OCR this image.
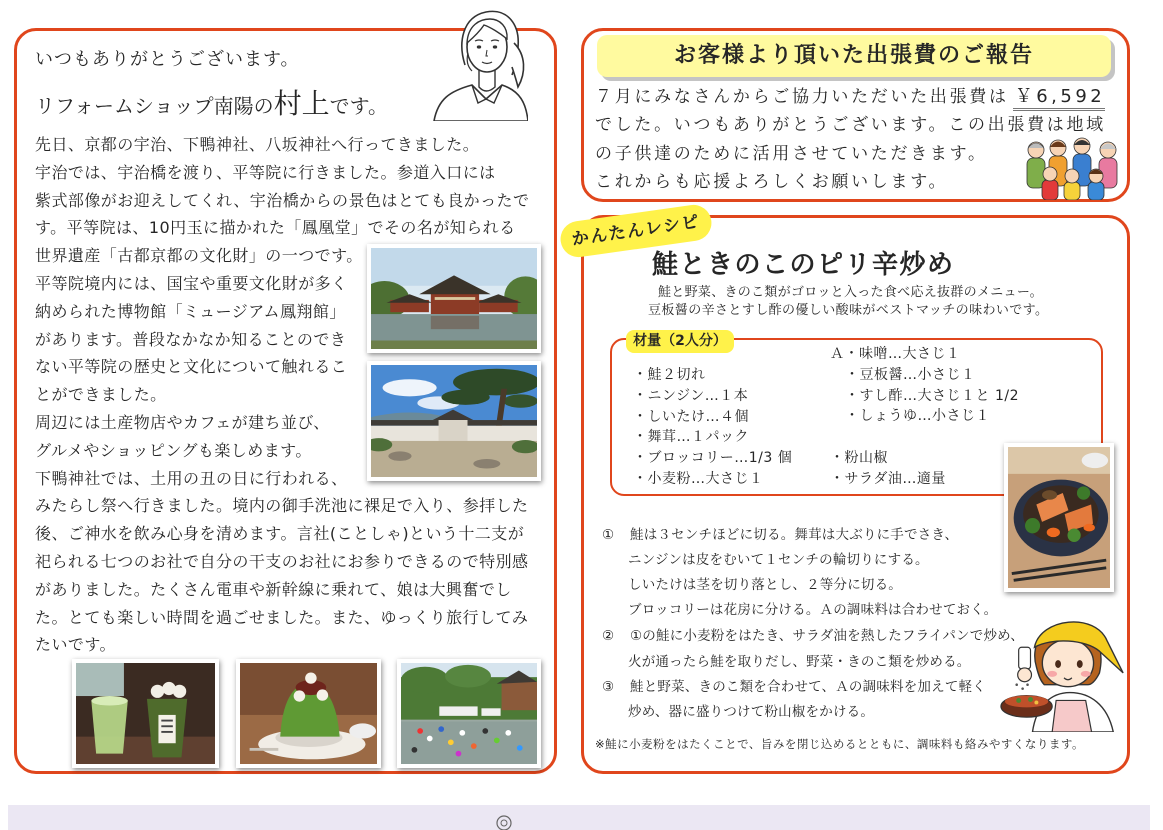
いつもありがとうございます。
リフォームショップ南陽の村上です。
先日、京都の宇治、下鴨神社、八坂神社へ行ってきました。
宇治では、宇治橋を渡り、平等院に行きました。参道入口には
紫式部像がお迎えしてくれ、宇治橋からの景色はとても良かったで
す。平等院は、10円玉に描かれた「鳳凰堂」でその名が知られる
世界遺産「古都京都の文化財」の一つです。
平等院境内には、国宝や重要文化財が多く
納められた博物館「ミュージアム鳳翔館」
があります。普段なかなか知ることのでき
ない平等院の歴史と文化について触れるこ
とができました。
周辺には土産物店やカフェが建ち並び、
グルメやショッピングも楽しめます。
下鴨神社では、土用の丑の日に行われる、
みたらし祭へ行きました。境内の御手洗池に裸足で入り、参拝した
後、ご神水を飲み心身を清めます。言社(ことしゃ)という十二支が
祀られる七つのお社で自分の干支のお社にお参りできるので特別感
がありました。たくさん電車や新幹線に乗れて、娘は大興奮でし
た。とても楽しい時間を過ごせました。また、ゆっくり旅行してみ
たいです。
お客様より頂いた出張費のご報告
７月にみなさんからご協力いただいた出張費は ￥6,592
でした。いつもありがとうございます。この出張費は地域
の子供達のために活用させていただきます。
これからも応援よろしくお願いします。
かんたんレシピ
鮭ときのこのピリ辛炒め
鮭と野菜、きのこ類がゴロッと入った食べ応え抜群のメニュー。
豆板醤の辛さとすし酢の優しい酸味がベストマッチの味わいです。
材量（2人分）
・鮭２切れ
・ニンジン…１本
・しいたけ…４個
・舞茸…１パック
・ブロッコリー…1/3 個
・小麦粉…大さじ１
Ａ・味噌…大さじ１
・豆板醤…小さじ１
・すし酢…大さじ１と 1/2
・しょうゆ…小さじ１
・粉山椒
・サラダ油…適量
① 鮭は３センチほどに切る。舞茸は大ぶりに手でさき、
ニンジンは皮をむいて１センチの輪切りにする。
しいたけは茎を切り落とし、２等分に切る。
ブロッコリーは花房に分ける。Ａの調味料は合わせておく。
② ①の鮭に小麦粉をはたき、サラダ油を熱したフライパンで炒め、
火が通ったら鮭を取りだし、野菜・きのこ類を炒める。
③ 鮭と野菜、きのこ類を合わせて、Ａの調味料を加えて軽く
炒め、器に盛りつけて粉山椒をかける。
※鮭に小麦粉をはたくことで、旨みを閉じ込めるとともに、調味料も絡みやすくなります。
